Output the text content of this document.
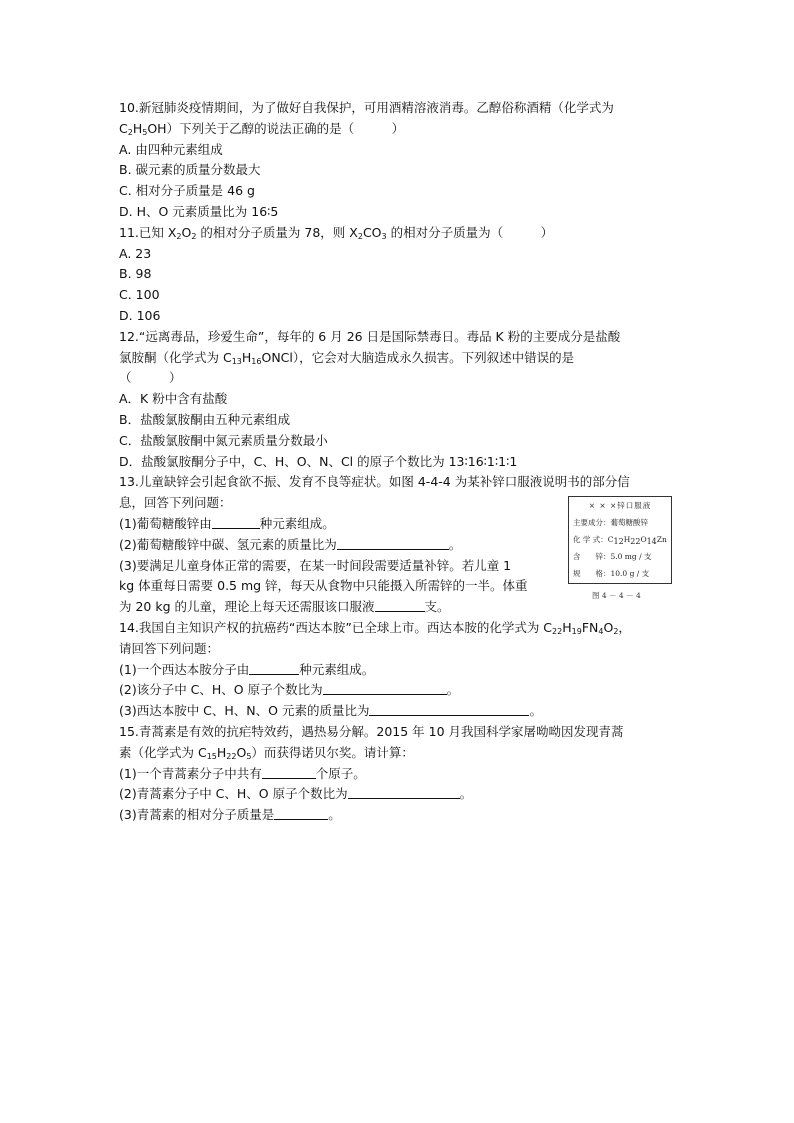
10.新冠肺炎疫情期间，为了做好自我保护，可用酒精溶液消毒。乙醇俗称酒精（化学式为

$C_2H_5OH$）下列关于乙醇的说法正确的是（　　　）

A. 由四种元素组成

B. 碳元素的质量分数最大

C. 相对分子质量是 46 g

D. H、O 元素质量比为 16∶5

11.已知 $X_2O_2$ 的相对分子质量为 78，则 $X_2CO_3$ 的相对分子质量为（　　　）

A. 23

B. 98

C. 100

D. 106

12.“远离毒品，珍爱生命”，每年的 6 月 26 日是国际禁毒日。毒品 K 粉的主要成分是盐酸

氯胺酮（化学式为 $C_{13}H_{16}ONCl$），它会对大脑造成永久损害。下列叙述中错误的是

（　　　）

A．K 粉中含有盐酸

B．盐酸氯胺酮由五种元素组成

C．盐酸氯胺酮中氮元素质量分数最小

D．盐酸氯胺酮分子中，C、H、O、N、Cl 的原子个数比为 13∶16∶1∶1∶1

13.儿童缺锌会引起食欲不振、发育不良等症状。如图 4-4-4 为某补锌口服液说明书的部分信

息，回答下列问题：

(1)葡萄糖酸锌由	种元素组成。

(2)葡萄糖酸锌中碳、氢元素的质量比为	。

(3)要满足儿童身体正常的需要，在某一时间段需要适量补锌。若儿童 1

kg 体重每日需要 0.5 mg 锌，每天从食物中只能摄入所需锌的一半。体重

为 20 kg 的儿童，理论上每天还需服该口服液	支。

14.我国自主知识产权的抗癌药“西达本胺”已全球上市。西达本胺的化学式为 $C_{22}H_{19}FN_4O_2$，

请回答下列问题：

(1)一个西达本胺分子由	种元素组成。

(2)该分子中 C、H、O 原子个数比为	。

(3)西达本胺中 C、H、N、O 元素的质量比为	。

15.青蒿素是有效的抗疟特效药，遇热易分解。2015 年 10 月我国科学家屠呦呦因发现青蒿

素（化学式为 $C_{15}H_{22}O_5$）而获得诺贝尔奖。请计算：

(1)一个青蒿素分子中共有	个原子。

(2)青蒿素分子中 C、H、O 原子个数比为	。

(3)青蒿素的相对分子质量是	。

× × ×锌口服液
主要成分：葡萄糖酸锌
化 学 式：$C_{12}H_{22}O_{14}Zn$
含　　锌：5.0 mg / 支
规　　格：10.0 g / 支
图 4 － 4 － 4
